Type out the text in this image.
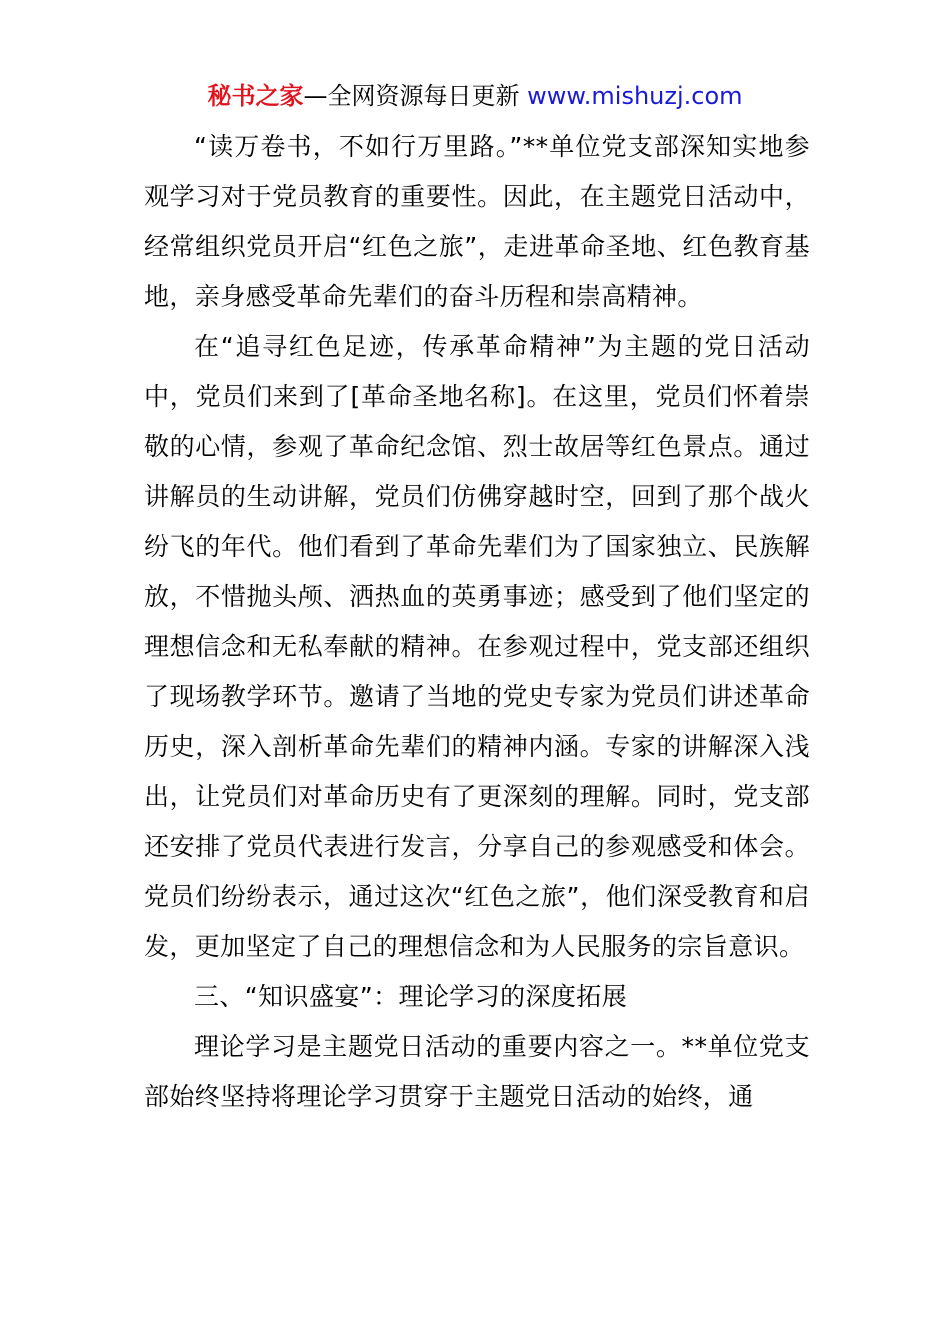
秘书之家—全网资源每日更新 www.mishuzj.com

“读万卷书，不如行万里路。”**单位党支部深知实地参观学习对于党员教育的重要性。因此，在主题党日活动中，经常组织党员开启“红色之旅”，走进革命圣地、红色教育基地，亲身感受革命先辈们的奋斗历程和崇高精神。

在“追寻红色足迹，传承革命精神”为主题的党日活动中，党员们来到了[革命圣地名称]。在这里，党员们怀着崇敬的心情，参观了革命纪念馆、烈士故居等红色景点。通过讲解员的生动讲解，党员们仿佛穿越时空，回到了那个战火纷飞的年代。他们看到了革命先辈们为了国家独立、民族解放，不惜抛头颅、洒热血的英勇事迹；感受到了他们坚定的理想信念和无私奉献的精神。在参观过程中，党支部还组织了现场教学环节。邀请了当地的党史专家为党员们讲述革命历史，深入剖析革命先辈们的精神内涵。专家的讲解深入浅出，让党员们对革命历史有了更深刻的理解。同时，党支部还安排了党员代表进行发言，分享自己的参观感受和体会。党员们纷纷表示，通过这次“红色之旅”，他们深受教育和启发，更加坚定了自己的理想信念和为人民服务的宗旨意识。

三、“知识盛宴”：理论学习的深度拓展

理论学习是主题党日活动的重要内容之一。**单位党支部始终坚持将理论学习贯穿于主题党日活动的始终，通
